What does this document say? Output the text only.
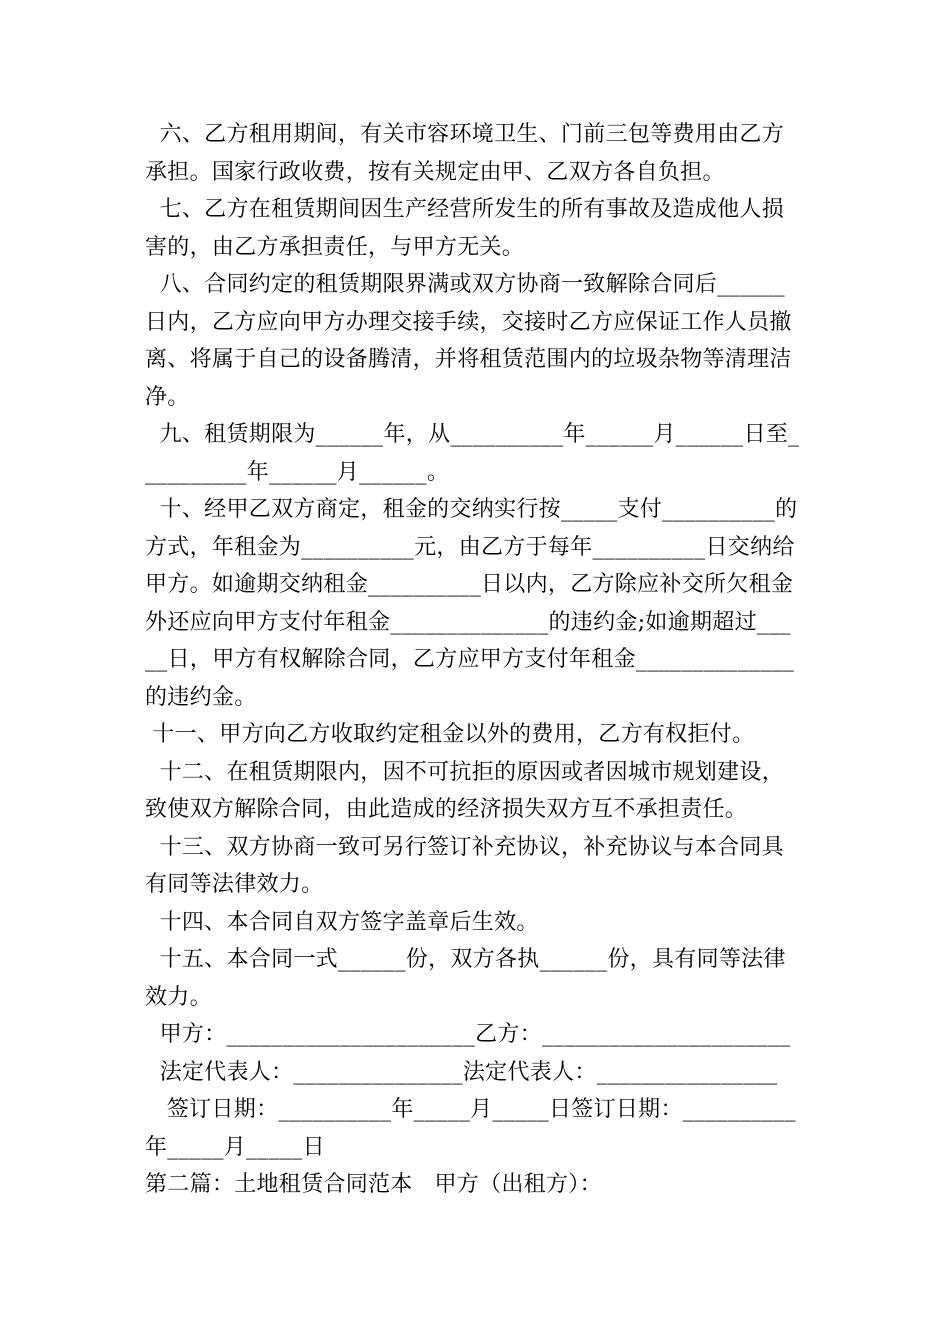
六、乙方租用期间，有关市容环境卫生、门前三包等费用由乙方
承担。国家行政收费，按有关规定由甲、乙双方各自负担。
七、乙方在租赁期间因生产经营所发生的所有事故及造成他人损
害的，由乙方承担责任，与甲方无关。
八、合同约定的租赁期限界满或双方协商一致解除合同后______
日内，乙方应向甲方办理交接手续，交接时乙方应保证工作人员撤
离、将属于自己的设备腾清，并将租赁范围内的垃圾杂物等清理洁
净。
九、租赁期限为______年，从__________年______月______日至_
_________年______月______。
十、经甲乙双方商定，租金的交纳实行按_____支付__________的
方式，年租金为__________元，由乙方于每年__________日交纳给
甲方。如逾期交纳租金__________日以内，乙方除应补交所欠租金
外还应向甲方支付年租金______________的违约金;如逾期超过___
__日，甲方有权解除合同，乙方应甲方支付年租金______________
的违约金。
十一、甲方向乙方收取约定租金以外的费用，乙方有权拒付。
十二、在租赁期限内，因不可抗拒的原因或者因城市规划建设，
致使双方解除合同，由此造成的经济损失双方互不承担责任。
十三、双方协商一致可另行签订补充协议，补充协议与本合同具
有同等法律效力。
十四、本合同自双方签字盖章后生效。
十五、本合同一式______份，双方各执______份，具有同等法律
效力。
甲方：______________________乙方：______________________
法定代表人：_______________法定代表人：________________
签订日期：__________年_____月_____日签订日期：__________
年_____月_____日
第二篇：土地租赁合同范本   甲方（出租方）：
